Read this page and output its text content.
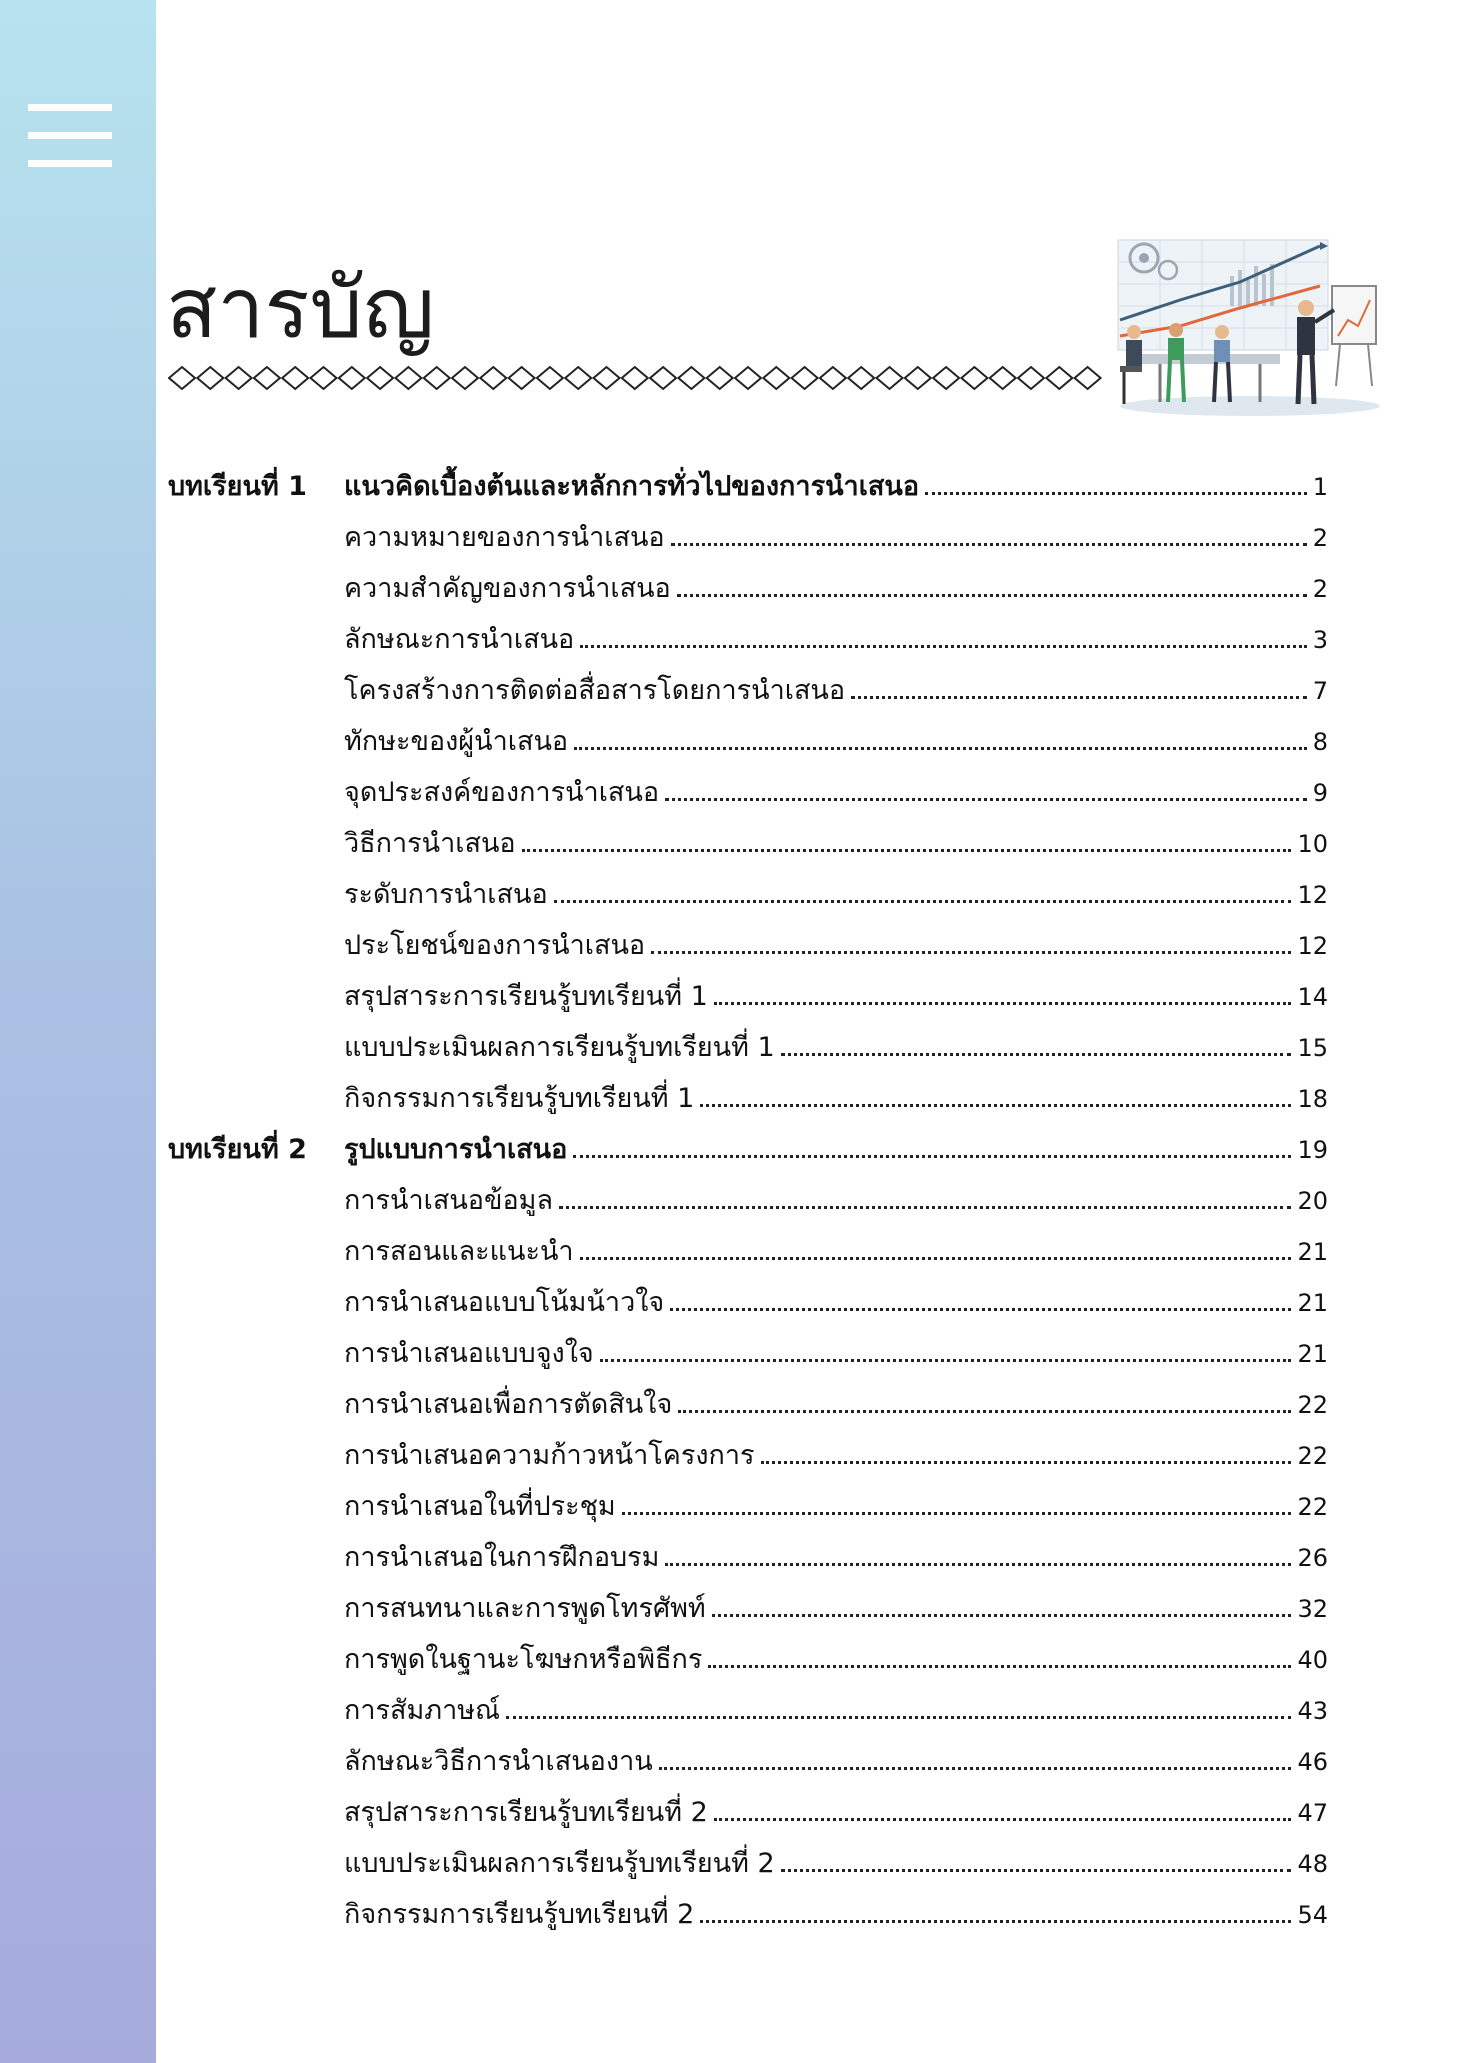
สารบัญ
บทเรียนที่ 1	แนวคิดเบื้องต้นและหลักการทั่วไปของการนำเสนอ	1
ความหมายของการนำเสนอ	2
ความสำคัญของการนำเสนอ	2
ลักษณะการนำเสนอ	3
โครงสร้างการติดต่อสื่อสารโดยการนำเสนอ	7
ทักษะของผู้นำเสนอ	8
จุดประสงค์ของการนำเสนอ	9
วิธีการนำเสนอ	10
ระดับการนำเสนอ	12
ประโยชน์ของการนำเสนอ	12
สรุปสาระการเรียนรู้บทเรียนที่ 1	14
แบบประเมินผลการเรียนรู้บทเรียนที่ 1	15
กิจกรรมการเรียนรู้บทเรียนที่ 1	18
บทเรียนที่ 2	รูปแบบการนำเสนอ	19
การนำเสนอข้อมูล	20
การสอนและแนะนำ	21
การนำเสนอแบบโน้มน้าวใจ	21
การนำเสนอแบบจูงใจ	21
การนำเสนอเพื่อการตัดสินใจ	22
การนำเสนอความก้าวหน้าโครงการ	22
การนำเสนอในที่ประชุม	22
การนำเสนอในการฝึกอบรม	26
การสนทนาและการพูดโทรศัพท์	32
การพูดในฐานะโฆษกหรือพิธีกร	40
การสัมภาษณ์	43
ลักษณะวิธีการนำเสนองาน	46
สรุปสาระการเรียนรู้บทเรียนที่ 2	47
แบบประเมินผลการเรียนรู้บทเรียนที่ 2	48
กิจกรรมการเรียนรู้บทเรียนที่ 2	54
